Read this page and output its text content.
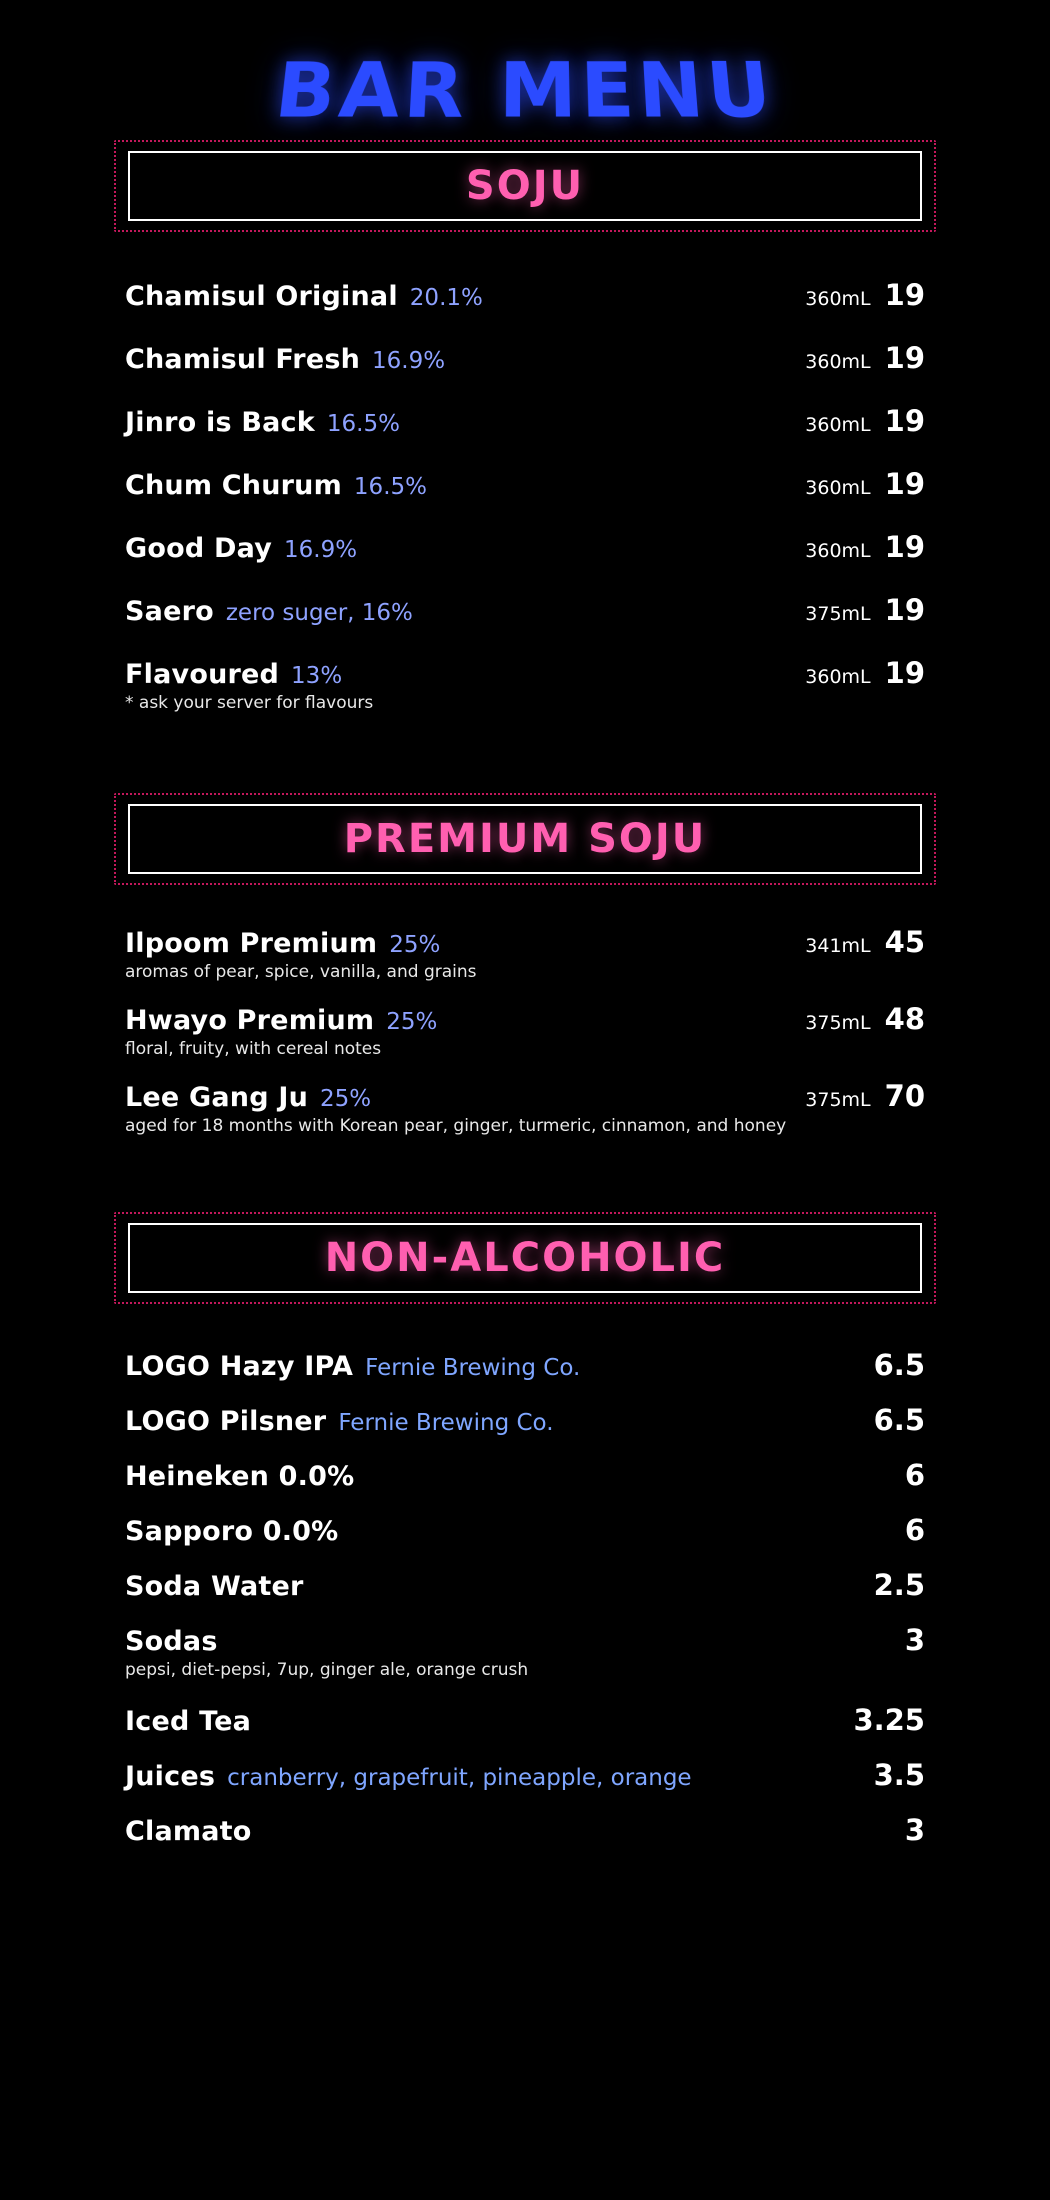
BAR MENU
SOJU
Chamisul Original 20.1%	360mL 19
Chamisul Fresh 16.9%	360mL 19
Jinro is Back 16.5%	360mL 19
Chum Churum 16.5%	360mL 19
Good Day 16.9%	360mL 19
Saero zero suger, 16%	375mL 19
Flavoured 13%	360mL 19
* ask your server for flavours
PREMIUM SOJU
Ilpoom Premium 25%	341mL 45
aromas of pear, spice, vanilla, and grains
Hwayo Premium 25%	375mL 48
floral, fruity, with cereal notes
Lee Gang Ju 25%	375mL 70
aged for 18 months with Korean pear, ginger, turmeric, cinnamon, and honey
NON-ALCOHOLIC
LOGO Hazy IPA Fernie Brewing Co.	6.5
LOGO Pilsner Fernie Brewing Co.	6.5
Heineken 0.0%	6
Sapporo 0.0%	6
Soda Water	2.5
Sodas	3
pepsi, diet-pepsi, 7up, ginger ale, orange crush
Iced Tea	3.25
Juices cranberry, grapefruit, pineapple, orange	3.5
Clamato	3
